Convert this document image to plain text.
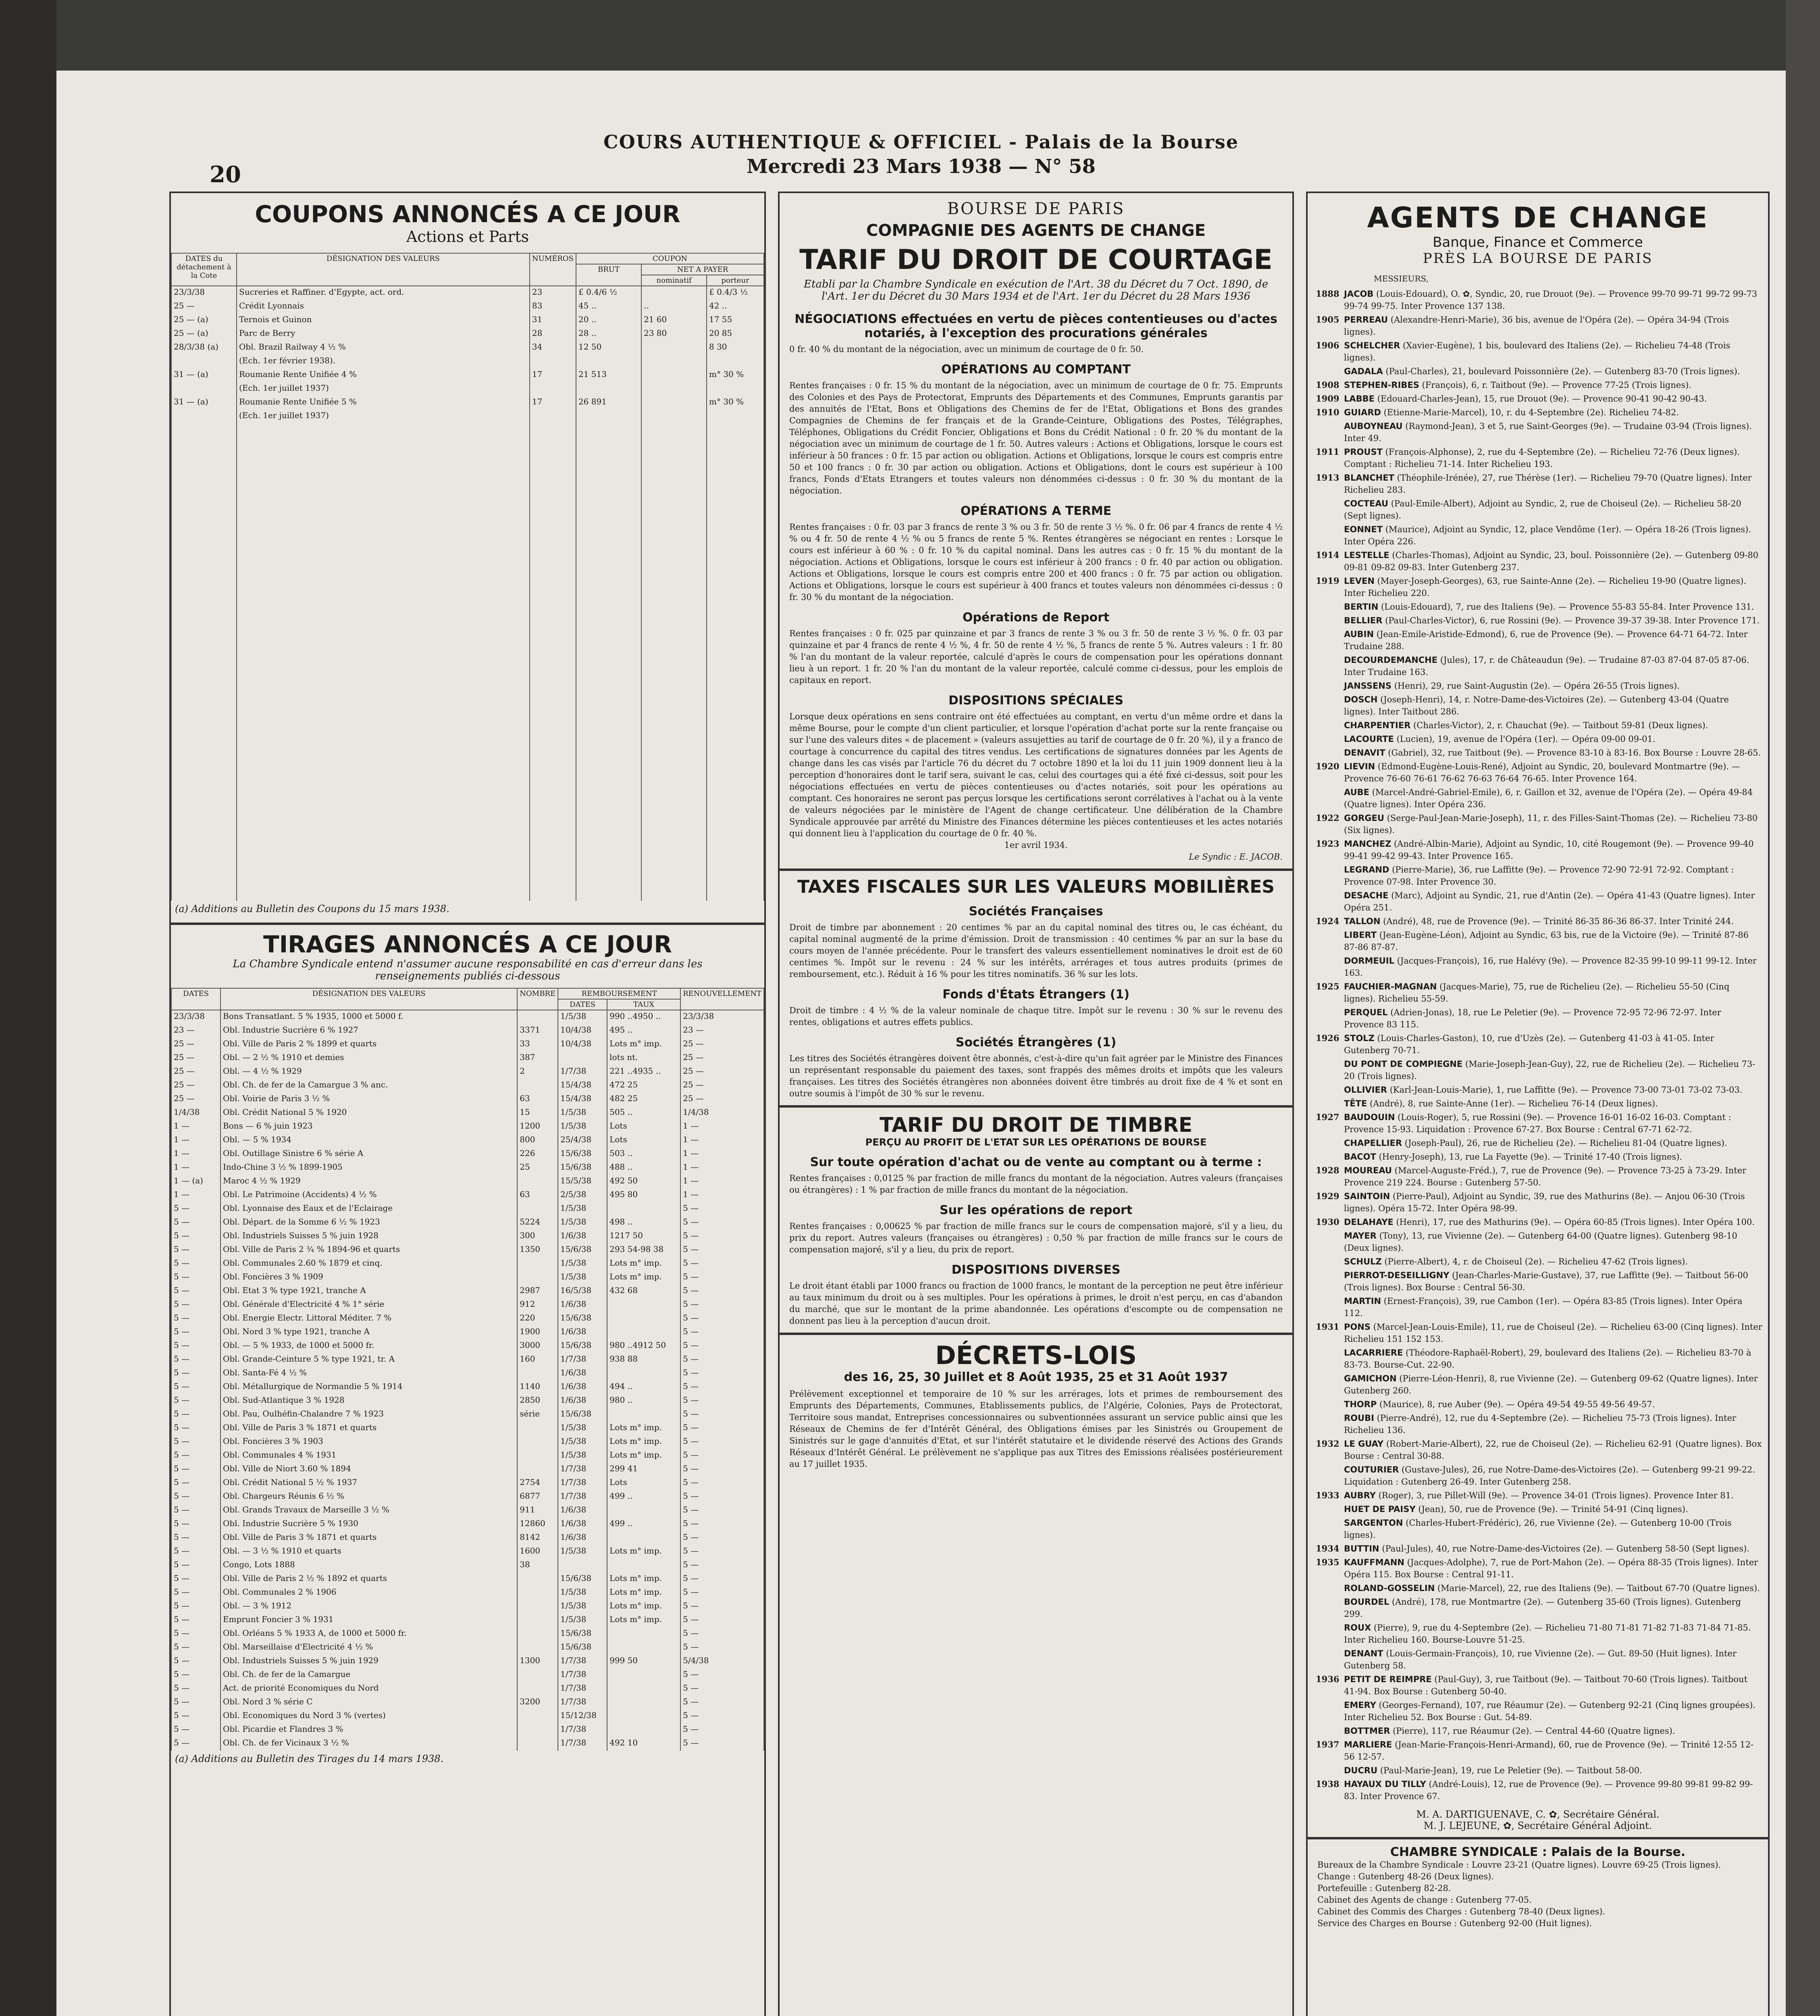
20
COURS AUTHENTIQUE & OFFICIEL - Palais de la Bourse
Mercredi 23 Mars 1938 — N° 58
COUPONS ANNONCÉS A CE JOUR
Actions et Parts
DATES du détachement à la Cote	DÉSIGNATION DES VALEURS	NUMÉROS	COUPON		
			BRUT	NET A PAYER	
				nominatif	porteur
23/3/38	Sucreries et Raffiner. d'Egypte, act. ord.	23	£ 0.4/6 ½		£ 0.4/3 ½
25 —	Crédit Lyonnais	83	45 ..	..	42 ..
25 — (a)	Ternois et Guinon	31	20 ..	21 60	17 55
25 — (a)	Parc de Berry	28	28 ..	23 80	20 85
28/3/38 (a)	Obl. Brazil Railway 4 ½ %	34	12 50		8 30
	(Ech. 1er février 1938).				
31 — (a)	Roumanie Rente Unifiée 4 %	17	21 513		m° 30 %
	(Ech. 1er juillet 1937)				
31 — (a)	Roumanie Rente Unifiée 5 %	17	26 891		m° 30 %
	(Ech. 1er juillet 1937)				

(a) Additions au Bulletin des Coupons du 15 mars 1938.
TIRAGES ANNONCÉS A CE JOUR
La Chambre Syndicale entend n'assumer aucune responsabilité en cas d'erreur dans les renseignements publiés ci-dessous
DATES	DÉSIGNATION DES VALEURS	NOMBRE	REMBOURSEMENT		RENOUVELLEMENT
			DATES	TAUX	
23/3/38	Bons Transatlant. 5 % 1935, 1000 et 5000 f.		1/5/38	990 ..4950 ..	23/3/38
23 —	Obl. Industrie Sucrière 6 % 1927	3371	10/4/38	495 ..	23 —
25 —	Obl. Ville de Paris 2 % 1899 et quarts	33	10/4/38	Lots m° imp.	25 —
25 —	Obl. — 2 ½ % 1910 et demies	387		lots nt.	25 —
25 —	Obl. — 4 ½ % 1929	2	1/7/38	221 ..4935 ..	25 —
25 —	Obl. Ch. de fer de la Camargue 3 % anc.		15/4/38	472 25	25 —
25 —	Obl. Voirie de Paris 3 ½ %	63	15/4/38	482 25	25 —
1/4/38	Obl. Crédit National 5 % 1920	15	1/5/38	505 ..	1/4/38
1 —	Bons — 6 % juin 1923	1200	1/5/38	Lots	1 —
1 —	Obl. — 5 % 1934	800	25/4/38	Lots	1 —
1 —	Obl. Outillage Sinistre 6 % série A	226	15/6/38	503 ..	1 —
1 —	Indo-Chine 3 ½ % 1899-1905	25	15/6/38	488 ..	1 —
1 — (a)	Maroc 4 ½ % 1929		15/5/38	492 50	1 —
1 —	Obl. Le Patrimoine (Accidents) 4 ½ %	63	2/5/38	495 80	1 —
5 —	Obl. Lyonnaise des Eaux et de l'Eclairage		1/5/38		5 —
5 —	Obl. Départ. de la Somme 6 ½ % 1923	5224	1/5/38	498 ..	5 —
5 —	Obl. Industriels Suisses 5 % juin 1928	300	1/6/38	1217 50	5 —
5 —	Obl. Ville de Paris 2 ¾ % 1894-96 et quarts	1350	15/6/38	293 54-98 38	5 —
5 —	Obl. Communales 2.60 % 1879 et cinq.		1/5/38	Lots m° imp.	5 —
5 —	Obl. Foncières 3 % 1909		1/5/38	Lots m° imp.	5 —
5 —	Obl. Etat 3 % type 1921, tranche A	2987	16/5/38	432 68	5 —
5 —	Obl. Générale d'Electricité 4 % 1° série	912	1/6/38		5 —
5 —	Obl. Energie Electr. Littoral Méditer. 7 %	220	15/6/38		5 —
5 —	Obl. Nord 3 % type 1921, tranche A	1900	1/6/38		5 —
5 —	Obl. — 5 % 1933, de 1000 et 5000 fr.	3000	15/6/38	980 ..4912 50	5 —
5 —	Obl. Grande-Ceinture 5 % type 1921, tr. A	160	1/7/38	938 88	5 —
5 —	Obl. Santa-Fé 4 ½ %		1/6/38		5 —
5 —	Obl. Métallurgique de Normandie 5 % 1914	1140	1/6/38	494 ..	5 —
5 —	Obl. Sud-Atlantique 3 % 1928	2850	1/6/38	980 ..	5 —
5 —	Obl. Pau, Oulhéfin-Chalandre 7 % 1923	série	15/6/38		5 —
5 —	Obl. Ville de Paris 3 % 1871 et quarts		1/5/38	Lots m° imp.	5 —
5 —	Obl. Foncières 3 % 1903		1/5/38	Lots m° imp.	5 —
5 —	Obl. Communales 4 % 1931		1/5/38	Lots m° imp.	5 —
5 —	Obl. Ville de Niort 3.60 % 1894		1/7/38	299 41	5 —
5 —	Obl. Crédit National 5 ½ % 1937	2754	1/7/38	Lots	5 —
5 —	Obl. Chargeurs Réunis 6 ½ %	6877	1/7/38	499 ..	5 —
5 —	Obl. Grands Travaux de Marseille 3 ½ %	911	1/6/38		5 —
5 —	Obl. Industrie Sucrière 5 % 1930	12860	1/6/38	499 ..	5 —
5 —	Obl. Ville de Paris 3 % 1871 et quarts	8142	1/6/38		5 —
5 —	Obl. — 3 ½ % 1910 et quarts	1600	1/5/38	Lots m° imp.	5 —
5 —	Congo, Lots 1888	38			5 —
5 —	Obl. Ville de Paris 2 ½ % 1892 et quarts		15/6/38	Lots m° imp.	5 —
5 —	Obl. Communales 2 % 1906		1/5/38	Lots m° imp.	5 —
5 —	Obl. — 3 % 1912		1/5/38	Lots m° imp.	5 —
5 —	Emprunt Foncier 3 % 1931		1/5/38	Lots m° imp.	5 —
5 —	Obl. Orléans 5 % 1933 A, de 1000 et 5000 fr.		15/6/38		5 —
5 —	Obl. Marseillaise d'Electricité 4 ½ %		15/6/38		5 —
5 —	Obl. Industriels Suisses 5 % juin 1929	1300	1/7/38	999 50	5/4/38
5 —	Obl. Ch. de fer de la Camargue		1/7/38		5 —
5 —	Act. de priorité Economiques du Nord		1/7/38		5 —
5 —	Obl. Nord 3 % série C	3200	1/7/38		5 —
5 —	Obl. Economiques du Nord 3 % (vertes)		15/12/38		5 —
5 —	Obl. Picardie et Flandres 3 %		1/7/38		5 —
5 —	Obl. Ch. de fer Vicinaux 3 ½ %		1/7/38	492 10	5 —
(a) Additions au Bulletin des Tirages du 14 mars 1938.
BOURSE DE PARIS
COMPAGNIE DES AGENTS DE CHANGE
TARIF DU DROIT DE COURTAGE
Etabli par la Chambre Syndicale en exécution de l'Art. 38 du Décret du 7 Oct. 1890, de l'Art. 1er du Décret du 30 Mars 1934 et de l'Art. 1er du Décret du 28 Mars 1936
NÉGOCIATIONS effectuées en vertu de pièces contentieuses ou d'actes notariés, à l'exception des procurations générales
0 fr. 40 % du montant de la négociation, avec un minimum de courtage de 0 fr. 50.
OPÉRATIONS AU COMPTANT
Rentes françaises : 0 fr. 15 % du montant de la négociation, avec un minimum de courtage de 0 fr. 75. Emprunts des Colonies et des Pays de Protectorat, Emprunts des Départements et des Communes, Emprunts garantis par des annuités de l'Etat, Bons et Obligations des Chemins de fer de l'Etat, Obligations et Bons des grandes Compagnies de Chemins de fer français et de la Grande-Ceinture, Obligations des Postes, Télégraphes, Téléphones, Obligations du Crédit Foncier, Obligations et Bons du Crédit National : 0 fr. 20 % du montant de la négociation avec un minimum de courtage de 1 fr. 50. Autres valeurs : Actions et Obligations, lorsque le cours est inférieur à 50 frances : 0 fr. 15 par action ou obligation. Actions et Obligations, lorsque le cours est compris entre 50 et 100 francs : 0 fr. 30 par action ou obligation. Actions et Obligations, dont le cours est supérieur à 100 francs, Fonds d'Etats Etrangers et toutes valeurs non dénommées ci-dessus : 0 fr. 30 % du montant de la négociation.
OPÉRATIONS A TERME
Rentes françaises : 0 fr. 03 par 3 francs de rente 3 % ou 3 fr. 50 de rente 3 ½ %. 0 fr. 06 par 4 francs de rente 4 ½ % ou 4 fr. 50 de rente 4 ½ % ou 5 francs de rente 5 %. Rentes étrangères se négociant en rentes : Lorsque le cours est inférieur à 60 % : 0 fr. 10 % du capital nominal. Dans les autres cas : 0 fr. 15 % du montant de la négociation. Actions et Obligations, lorsque le cours est inférieur à 200 francs : 0 fr. 40 par action ou obligation. Actions et Obligations, lorsque le cours est compris entre 200 et 400 francs : 0 fr. 75 par action ou obligation. Actions et Obligations, lorsque le cours est supérieur à 400 francs et toutes valeurs non dénommées ci-dessus : 0 fr. 30 % du montant de la négociation.
Opérations de Report
Rentes françaises : 0 fr. 025 par quinzaine et par 3 francs de rente 3 % ou 3 fr. 50 de rente 3 ½ %. 0 fr. 03 par quinzaine et par 4 francs de rente 4 ½ %, 4 fr. 50 de rente 4 ½ %, 5 francs de rente 5 %. Autres valeurs : 1 fr. 80 % l'an du montant de la valeur reportée, calculé d'après le cours de compensation pour les opérations donnant lieu à un report. 1 fr. 20 % l'an du montant de la valeur reportée, calculé comme ci-dessus, pour les emplois de capitaux en report.
DISPOSITIONS SPÉCIALES
Lorsque deux opérations en sens contraire ont été effectuées au comptant, en vertu d'un même ordre et dans la même Bourse, pour le compte d'un client particulier, et lorsque l'opération d'achat porte sur la rente française ou sur l'une des valeurs dites « de placement » (valeurs assujetties au tarif de courtage de 0 fr. 20 %), il y a franco de courtage à concurrence du capital des titres vendus. Les certifications de signatures données par les Agents de change dans les cas visés par l'article 76 du décret du 7 octobre 1890 et la loi du 11 juin 1909 donnent lieu à la perception d'honoraires dont le tarif sera, suivant le cas, celui des courtages qui a été fixé ci-dessus, soit pour les négociations effectuées en vertu de pièces contentieuses ou d'actes notariés, soit pour les opérations au comptant. Ces honoraires ne seront pas perçus lorsque les certifications seront corrélatives à l'achat ou à la vente de valeurs négociées par le ministère de l'Agent de change certificateur. Une délibération de la Chambre Syndicale approuvée par arrêté du Ministre des Finances détermine les pièces contentieuses et les actes notariés qui donnent lieu à l'application du courtage de 0 fr. 40 %.
1er avril 1934.
Le Syndic : E. JACOB.
TAXES FISCALES SUR LES VALEURS MOBILIÈRES
Sociétés Françaises
Droit de timbre par abonnement : 20 centimes % par an du capital nominal des titres ou, le cas échéant, du capital nominal augmenté de la prime d'émission. Droit de transmission : 40 centimes % par an sur la base du cours moyen de l'année précédente. Pour le transfert des valeurs essentiellement nominatives le droit est de 60 centimes %. Impôt sur le revenu : 24 % sur les intérêts, arrérages et tous autres produits (primes de remboursement, etc.). Réduit à 16 % pour les titres nominatifs. 36 % sur les lots.
Fonds d'États Étrangers (1)
Droit de timbre : 4 ½ % de la valeur nominale de chaque titre. Impôt sur le revenu : 30 % sur le revenu des rentes, obligations et autres effets publics.
Sociétés Étrangères (1)
Les titres des Sociétés étrangères doivent être abonnés, c'est-à-dire qu'un fait agréer par le Ministre des Finances un représentant responsable du paiement des taxes, sont frappés des mêmes droits et impôts que les valeurs françaises. Les titres des Sociétés étrangères non abonnées doivent être timbrés au droit fixe de 4 % et sont en outre soumis à l'impôt de 30 % sur le revenu.
TARIF DU DROIT DE TIMBRE
PERÇU AU PROFIT DE L'ETAT SUR LES OPÉRATIONS DE BOURSE
Sur toute opération d'achat ou de vente au comptant ou à terme :
Rentes françaises : 0,0125 % par fraction de mille francs du montant de la négociation. Autres valeurs (françaises ou étrangères) : 1 % par fraction de mille francs du montant de la négociation.
Sur les opérations de report
Rentes françaises : 0,00625 % par fraction de mille francs sur le cours de compensation majoré, s'il y a lieu, du prix du report. Autres valeurs (françaises ou étrangères) : 0,50 % par fraction de mille francs sur le cours de compensation majoré, s'il y a lieu, du prix de report.
DISPOSITIONS DIVERSES
Le droit étant établi par 1000 francs ou fraction de 1000 francs, le montant de la perception ne peut être inférieur au taux minimum du droit ou à ses multiples. Pour les opérations à primes, le droit n'est perçu, en cas d'abandon du marché, que sur le montant de la prime abandonnée. Les opérations d'escompte ou de compensation ne donnent pas lieu à la perception d'aucun droit.
DÉCRETS-LOIS
des 16, 25, 30 Juillet et 8 Août 1935, 25 et 31 Août 1937
Prélèvement exceptionnel et temporaire de 10 % sur les arrérages, lots et primes de remboursement des Emprunts des Départements, Communes, Etablissements publics, de l'Algérie, Colonies, Pays de Protectorat, Territoire sous mandat, Entreprises concessionnaires ou subventionnées assurant un service public ainsi que les Réseaux de Chemins de fer d'Intérêt Général, des Obligations émises par les Sinistrés ou Groupement de Sinistrés sur le gage d'annuités d'Etat, et sur l'intérêt statutaire et le dividende réservé des Actions des Grands Réseaux d'Intérêt Général. Le prélèvement ne s'applique pas aux Titres des Emissions réalisées postérieurement au 17 juillet 1935.
AGENTS DE CHANGE
Banque, Finance et Commerce
PRÈS LA BOURSE DE PARIS
MESSIEURS,
1888 JACOB (Louis-Edouard), O. ✿, Syndic, 20, rue Drouot (9e). — Provence 99-70 99-71 99-72 99-73 99-74 99-75. Inter Provence 137 138.
1905 PERREAU (Alexandre-Henri-Marie), 36 bis, avenue de l'Opéra (2e). — Opéra 34-94 (Trois lignes).
1906 SCHELCHER (Xavier-Eugène), 1 bis, boulevard des Italiens (2e). — Richelieu 74-48 (Trois lignes).
GADALA (Paul-Charles), 21, boulevard Poissonnière (2e). — Gutenberg 83-70 (Trois lignes).
1908 STEPHEN-RIBES (François), 6, r. Taitbout (9e). — Provence 77-25 (Trois lignes).
1909 LABBE (Edouard-Charles-Jean), 15, rue Drouot (9e). — Provence 90-41 90-42 90-43.
1910 GUIARD (Etienne-Marie-Marcel), 10, r. du 4-Septembre (2e). Richelieu 74-82.
AUBOYNEAU (Raymond-Jean), 3 et 5, rue Saint-Georges (9e). — Trudaine 03-94 (Trois lignes). Inter 49.
1911 PROUST (François-Alphonse), 2, rue du 4-Septembre (2e). — Richelieu 72-76 (Deux lignes). Comptant : Richelieu 71-14. Inter Richelieu 193.
1913 BLANCHET (Théophile-Irénée), 27, rue Thérèse (1er). — Richelieu 79-70 (Quatre lignes). Inter Richelieu 283.
COCTEAU (Paul-Emile-Albert), Adjoint au Syndic, 2, rue de Choiseul (2e). — Richelieu 58-20 (Sept lignes).
EONNET (Maurice), Adjoint au Syndic, 12, place Vendôme (1er). — Opéra 18-26 (Trois lignes). Inter Opéra 226.
1914 LESTELLE (Charles-Thomas), Adjoint au Syndic, 23, boul. Poissonnière (2e). — Gutenberg 09-80 09-81 09-82 09-83. Inter Gutenberg 237.
1919 LEVEN (Mayer-Joseph-Georges), 63, rue Sainte-Anne (2e). — Richelieu 19-90 (Quatre lignes). Inter Richelieu 220.
BERTIN (Louis-Edouard), 7, rue des Italiens (9e). — Provence 55-83 55-84. Inter Provence 131.
BELLIER (Paul-Charles-Victor), 6, rue Rossini (9e). — Provence 39-37 39-38. Inter Provence 171.
AUBIN (Jean-Emile-Aristide-Edmond), 6, rue de Provence (9e). — Provence 64-71 64-72. Inter Trudaine 288.
DECOURDEMANCHE (Jules), 17, r. de Châteaudun (9e). — Trudaine 87-03 87-04 87-05 87-06. Inter Trudaine 163.
JANSSENS (Henri), 29, rue Saint-Augustin (2e). — Opéra 26-55 (Trois lignes).
DOSCH (Joseph-Henri), 14, r. Notre-Dame-des-Victoires (2e). — Gutenberg 43-04 (Quatre lignes). Inter Taitbout 286.
CHARPENTIER (Charles-Victor), 2, r. Chauchat (9e). — Taitbout 59-81 (Deux lignes).
LACOURTE (Lucien), 19, avenue de l'Opéra (1er). — Opéra 09-00 09-01.
DENAVIT (Gabriel), 32, rue Taitbout (9e). — Provence 83-10 à 83-16. Box Bourse : Louvre 28-65.
1920 LIEVIN (Edmond-Eugène-Louis-René), Adjoint au Syndic, 20, boulevard Montmartre (9e). — Provence 76-60 76-61 76-62 76-63 76-64 76-65. Inter Provence 164.
AUBE (Marcel-André-Gabriel-Emile), 6, r. Gaillon et 32, avenue de l'Opéra (2e). — Opéra 49-84 (Quatre lignes). Inter Opéra 236.
1922 GORGEU (Serge-Paul-Jean-Marie-Joseph), 11, r. des Filles-Saint-Thomas (2e). — Richelieu 73-80 (Six lignes).
1923 MANCHEZ (André-Albin-Marie), Adjoint au Syndic, 10, cité Rougemont (9e). — Provence 99-40 99-41 99-42 99-43. Inter Provence 165.
LEGRAND (Pierre-Marie), 36, rue Laffitte (9e). — Provence 72-90 72-91 72-92. Comptant : Provence 07-98. Inter Provence 30.
DESACHE (Marc), Adjoint au Syndic, 21, rue d'Antin (2e). — Opéra 41-43 (Quatre lignes). Inter Opéra 251.
1924 TALLON (André), 48, rue de Provence (9e). — Trinité 86-35 86-36 86-37. Inter Trinité 244.
LIBERT (Jean-Eugène-Léon), Adjoint au Syndic, 63 bis, rue de la Victoire (9e). — Trinité 87-86 87-86 87-87.
DORMEUIL (Jacques-François), 16, rue Halévy (9e). — Provence 82-35 99-10 99-11 99-12. Inter 163.
1925 FAUCHIER-MAGNAN (Jacques-Marie), 75, rue de Richelieu (2e). — Richelieu 55-50 (Cinq lignes). Richelieu 55-59.
PERQUEL (Adrien-Jonas), 18, rue Le Peletier (9e). — Provence 72-95 72-96 72-97. Inter Provence 83 115.
1926 STOLZ (Louis-Charles-Gaston), 10, rue d'Uzès (2e). — Gutenberg 41-03 à 41-05. Inter Gutenberg 70-71.
DU PONT DE COMPIEGNE (Marie-Joseph-Jean-Guy), 22, rue de Richelieu (2e). — Richelieu 73-20 (Trois lignes).
OLLIVIER (Karl-Jean-Louis-Marie), 1, rue Laffitte (9e). — Provence 73-00 73-01 73-02 73-03.
TÊTE (André), 8, rue Sainte-Anne (1er). — Richelieu 76-14 (Deux lignes).
1927 BAUDOUIN (Louis-Roger), 5, rue Rossini (9e). — Provence 16-01 16-02 16-03. Comptant : Provence 15-93. Liquidation : Provence 67-27. Box Bourse : Central 67-71 62-72.
CHAPELLIER (Joseph-Paul), 26, rue de Richelieu (2e). — Richelieu 81-04 (Quatre lignes).
BACOT (Henry-Joseph), 13, rue La Fayette (9e). — Trinité 17-40 (Trois lignes).
1928 MOUREAU (Marcel-Auguste-Fréd.), 7, rue de Provence (9e). — Provence 73-25 à 73-29. Inter Provence 219 224. Bourse : Gutenberg 57-50.
1929 SAINTOIN (Pierre-Paul), Adjoint au Syndic, 39, rue des Mathurins (8e). — Anjou 06-30 (Trois lignes). Opéra 15-72. Inter Opéra 98-99.
1930 DELAHAYE (Henri), 17, rue des Mathurins (9e). — Opéra 60-85 (Trois lignes). Inter Opéra 100.
MAYER (Tony), 13, rue Vivienne (2e). — Gutenberg 64-00 (Quatre lignes). Gutenberg 98-10 (Deux lignes).
SCHULZ (Pierre-Albert), 4, r. de Choiseul (2e). — Richelieu 47-62 (Trois lignes).
PIERROT-DESEILLIGNY (Jean-Charles-Marie-Gustave), 37, rue Laffitte (9e). — Taitbout 56-00 (Trois lignes). Box Bourse : Central 56-30.
MARTIN (Ernest-François), 39, rue Cambon (1er). — Opéra 83-85 (Trois lignes). Inter Opéra 112.
1931 PONS (Marcel-Jean-Louis-Emile), 11, rue de Choiseul (2e). — Richelieu 63-00 (Cinq lignes). Inter Richelieu 151 152 153.
LACARRIERE (Théodore-Raphaël-Robert), 29, boulevard des Italiens (2e). — Richelieu 83-70 à 83-73. Bourse-Cut. 22-90.
GAMICHON (Pierre-Léon-Henri), 8, rue Vivienne (2e). — Gutenberg 09-62 (Quatre lignes). Inter Gutenberg 260.
THORP (Maurice), 8, rue Auber (9e). — Opéra 49-54 49-55 49-56 49-57.
ROUBI (Pierre-André), 12, rue du 4-Septembre (2e). — Richelieu 75-73 (Trois lignes). Inter Richelieu 136.
1932 LE GUAY (Robert-Marie-Albert), 22, rue de Choiseul (2e). — Richelieu 62-91 (Quatre lignes). Box Bourse : Central 30-88.
COUTURIER (Gustave-Jules), 26, rue Notre-Dame-des-Victoires (2e). — Gutenberg 99-21 99-22. Liquidation : Gutenberg 26-49. Inter Gutenberg 258.
1933 AUBRY (Roger), 3, rue Pillet-Will (9e). — Provence 34-01 (Trois lignes). Provence Inter 81.
HUET DE PAISY (Jean), 50, rue de Provence (9e). — Trinité 54-91 (Cinq lignes).
SARGENTON (Charles-Hubert-Frédéric), 26, rue Vivienne (2e). — Gutenberg 10-00 (Trois lignes).
1934 BUTTIN (Paul-Jules), 40, rue Notre-Dame-des-Victoires (2e). — Gutenberg 58-50 (Sept lignes).
1935 KAUFFMANN (Jacques-Adolphe), 7, rue de Port-Mahon (2e). — Opéra 88-35 (Trois lignes). Inter Opéra 115. Box Bourse : Central 91-11.
ROLAND-GOSSELIN (Marie-Marcel), 22, rue des Italiens (9e). — Taitbout 67-70 (Quatre lignes).
BOURDEL (André), 178, rue Montmartre (2e). — Gutenberg 35-60 (Trois lignes). Gutenberg 299.
ROUX (Pierre), 9, rue du 4-Septembre (2e). — Richelieu 71-80 71-81 71-82 71-83 71-84 71-85. Inter Richelieu 160. Bourse-Louvre 51-25.
DENANT (Louis-Germain-François), 10, rue Vivienne (2e). — Gut. 89-50 (Huit lignes). Inter Gutenberg 58.
1936 PETIT DE REIMPRE (Paul-Guy), 3, rue Taitbout (9e). — Taitbout 70-60 (Trois lignes). Taitbout 41-94. Box Bourse : Gutenberg 50-40.
EMERY (Georges-Fernand), 107, rue Réaumur (2e). — Gutenberg 92-21 (Cinq lignes groupées). Inter Richelieu 52. Box Bourse : Gut. 54-89.
BOTTMER (Pierre), 117, rue Réaumur (2e). — Central 44-60 (Quatre lignes).
1937 MARLIERE (Jean-Marie-François-Henri-Armand), 60, rue de Provence (9e). — Trinité 12-55 12-56 12-57.
DUCRU (Paul-Marie-Jean), 19, rue Le Peletier (9e). — Taitbout 58-00.
1938 HAYAUX DU TILLY (André-Louis), 12, rue de Provence (9e). — Provence 99-80 99-81 99-82 99-83. Inter Provence 67.
M. A. DARTIGUENAVE, C. ✿, Secrétaire Général.
M. J. LEJEUNE, ✿, Secrétaire Général Adjoint.
CHAMBRE SYNDICALE : Palais de la Bourse.
Bureaux de la Chambre Syndicale : Louvre 23-21 (Quatre lignes). Louvre 69-25 (Trois lignes).
Change : Gutenberg 48-26 (Deux lignes).
Portefeuille : Gutenberg 82-28.
Cabinet des Agents de change : Gutenberg 77-05.
Cabinet des Commis des Charges : Gutenberg 78-40 (Deux lignes).
Service des Charges en Bourse : Gutenberg 92-00 (Huit lignes).
